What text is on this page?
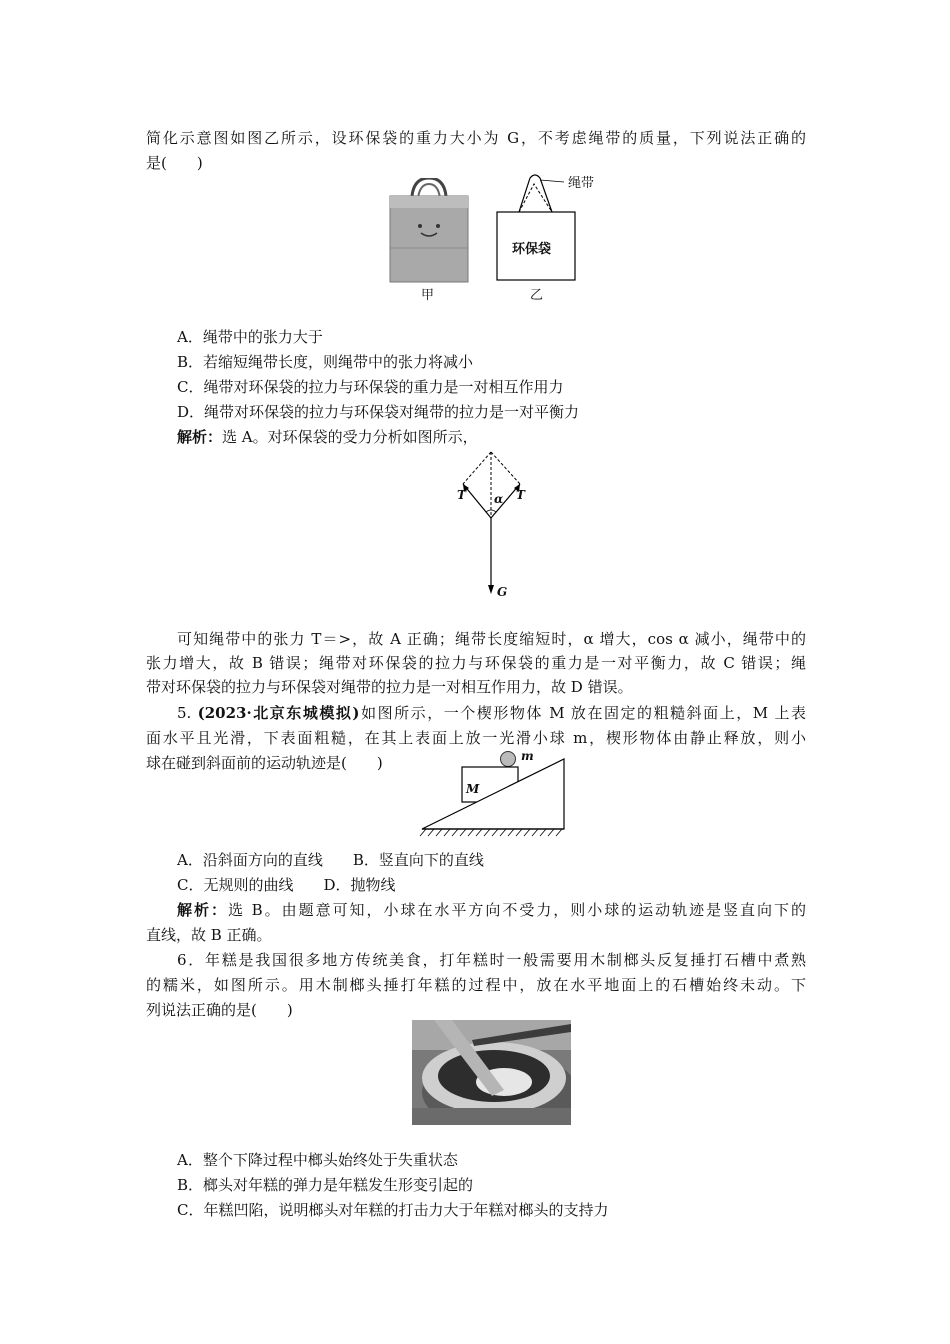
简化示意图如图乙所示，设环保袋的重力大小为 G，不考虑绳带的质量，下列说法正确的
是(　　)
甲
绳带
环保袋
乙
A．绳带中的张力大于
B．若缩短绳带长度，则绳带中的张力将减小
C．绳带对环保袋的拉力与环保袋的重力是一对相互作用力
D．绳带对环保袋的拉力与环保袋对绳带的拉力是一对平衡力
解析：选 A。对环保袋的受力分析如图所示，
T α T
G
可知绳带中的张力 T＝>，故 A 正确；绳带长度缩短时，α 增大，cos α 减小，绳带中的
张力增大，故 B 错误；绳带对环保袋的拉力与环保袋的重力是一对平衡力，故 C 错误；绳
带对环保袋的拉力与环保袋对绳带的拉力是一对相互作用力，故 D 错误。
5. (2023·北京东城模拟)如图所示，一个楔形物体 M 放在固定的粗糙斜面上，M 上表
面水平且光滑，下表面粗糙，在其上表面上放一光滑小球 m，楔形物体由静止释放，则小
球在碰到斜面前的运动轨迹是(　　)	m
M
A．沿斜面方向的直线　　B．竖直向下的直线
C．无规则的曲线　　D．抛物线
解析：选 B。由题意可知，小球在水平方向不受力，则小球的运动轨迹是竖直向下的
直线，故 B 正确。
6．年糕是我国很多地方传统美食，打年糕时一般需要用木制榔头反复捶打石槽中煮熟
的糯米，如图所示。用木制榔头捶打年糕的过程中，放在水平地面上的石槽始终未动。下
列说法正确的是(　　)
A．整个下降过程中榔头始终处于失重状态
B．榔头对年糕的弹力是年糕发生形变引起的
C．年糕凹陷，说明榔头对年糕的打击力大于年糕对榔头的支持力
